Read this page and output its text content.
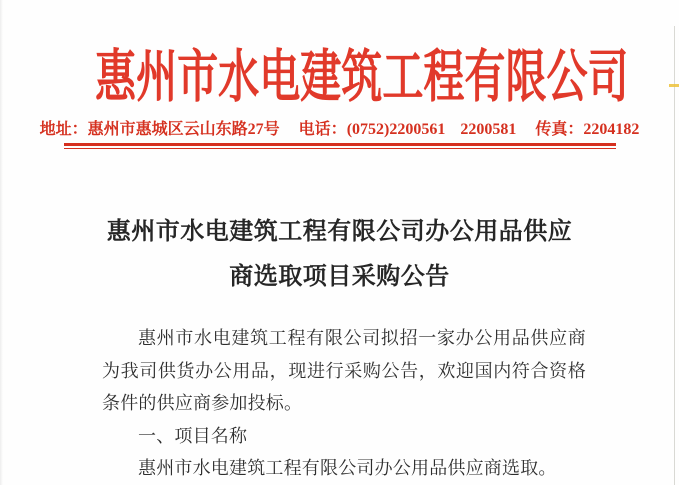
惠州市水电建筑工程有限公司
地址：惠州市惠城区云山东路27号 电话：(0752)2200561 2200581 传真：2204182
惠州市水电建筑工程有限公司办公用品供应
商选取项目采购公告

惠州市水电建筑工程有限公司拟招一家办公用品供应商为我司供货办公用品，现进行采购公告，欢迎国内符合资格条件的供应商参加投标。

一、项目名称

惠州市水电建筑工程有限公司办公用品供应商选取。
